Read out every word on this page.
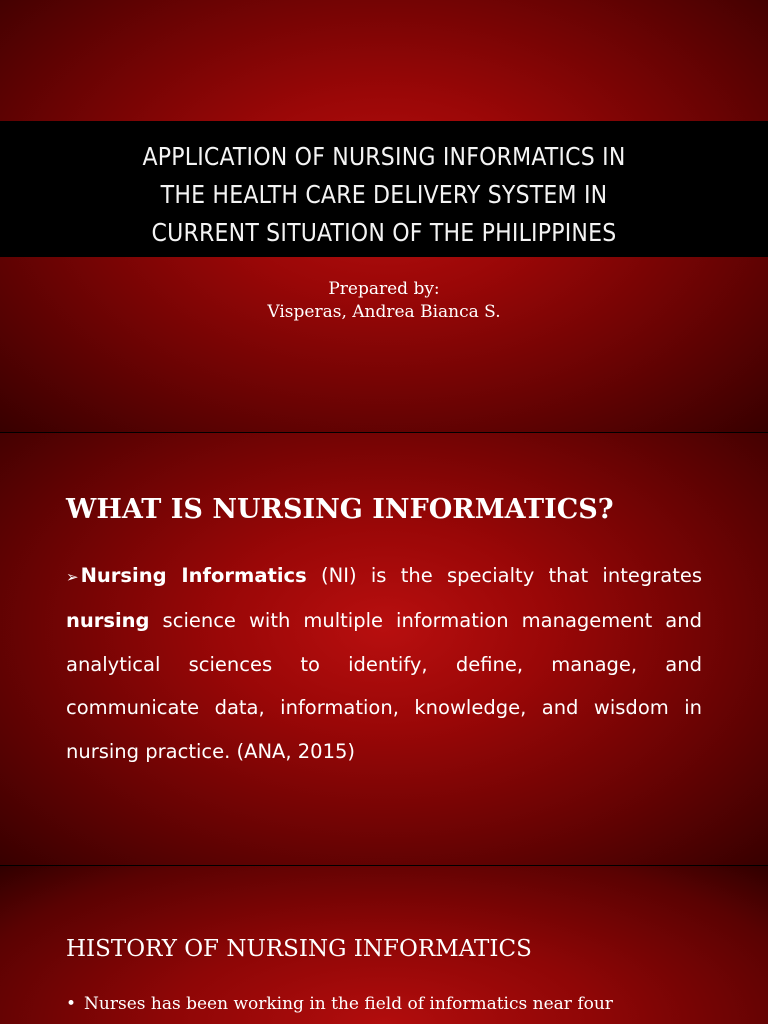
APPLICATION OF NURSING INFORMATICS IN
THE HEALTH CARE DELIVERY SYSTEM IN
CURRENT SITUATION OF THE PHILIPPINES
Prepared by:
Visperas, Andrea Bianca S.
WHAT IS NURSING INFORMATICS?
➢ Nursing Informatics (NI) is the specialty that integrates nursing science with multiple information management and analytical sciences to identify, define, manage, and communicate data, information, knowledge, and wisdom in nursing practice. (ANA, 2015)
HISTORY OF NURSING INFORMATICS
• Nurses has been working in the field of informatics near four
